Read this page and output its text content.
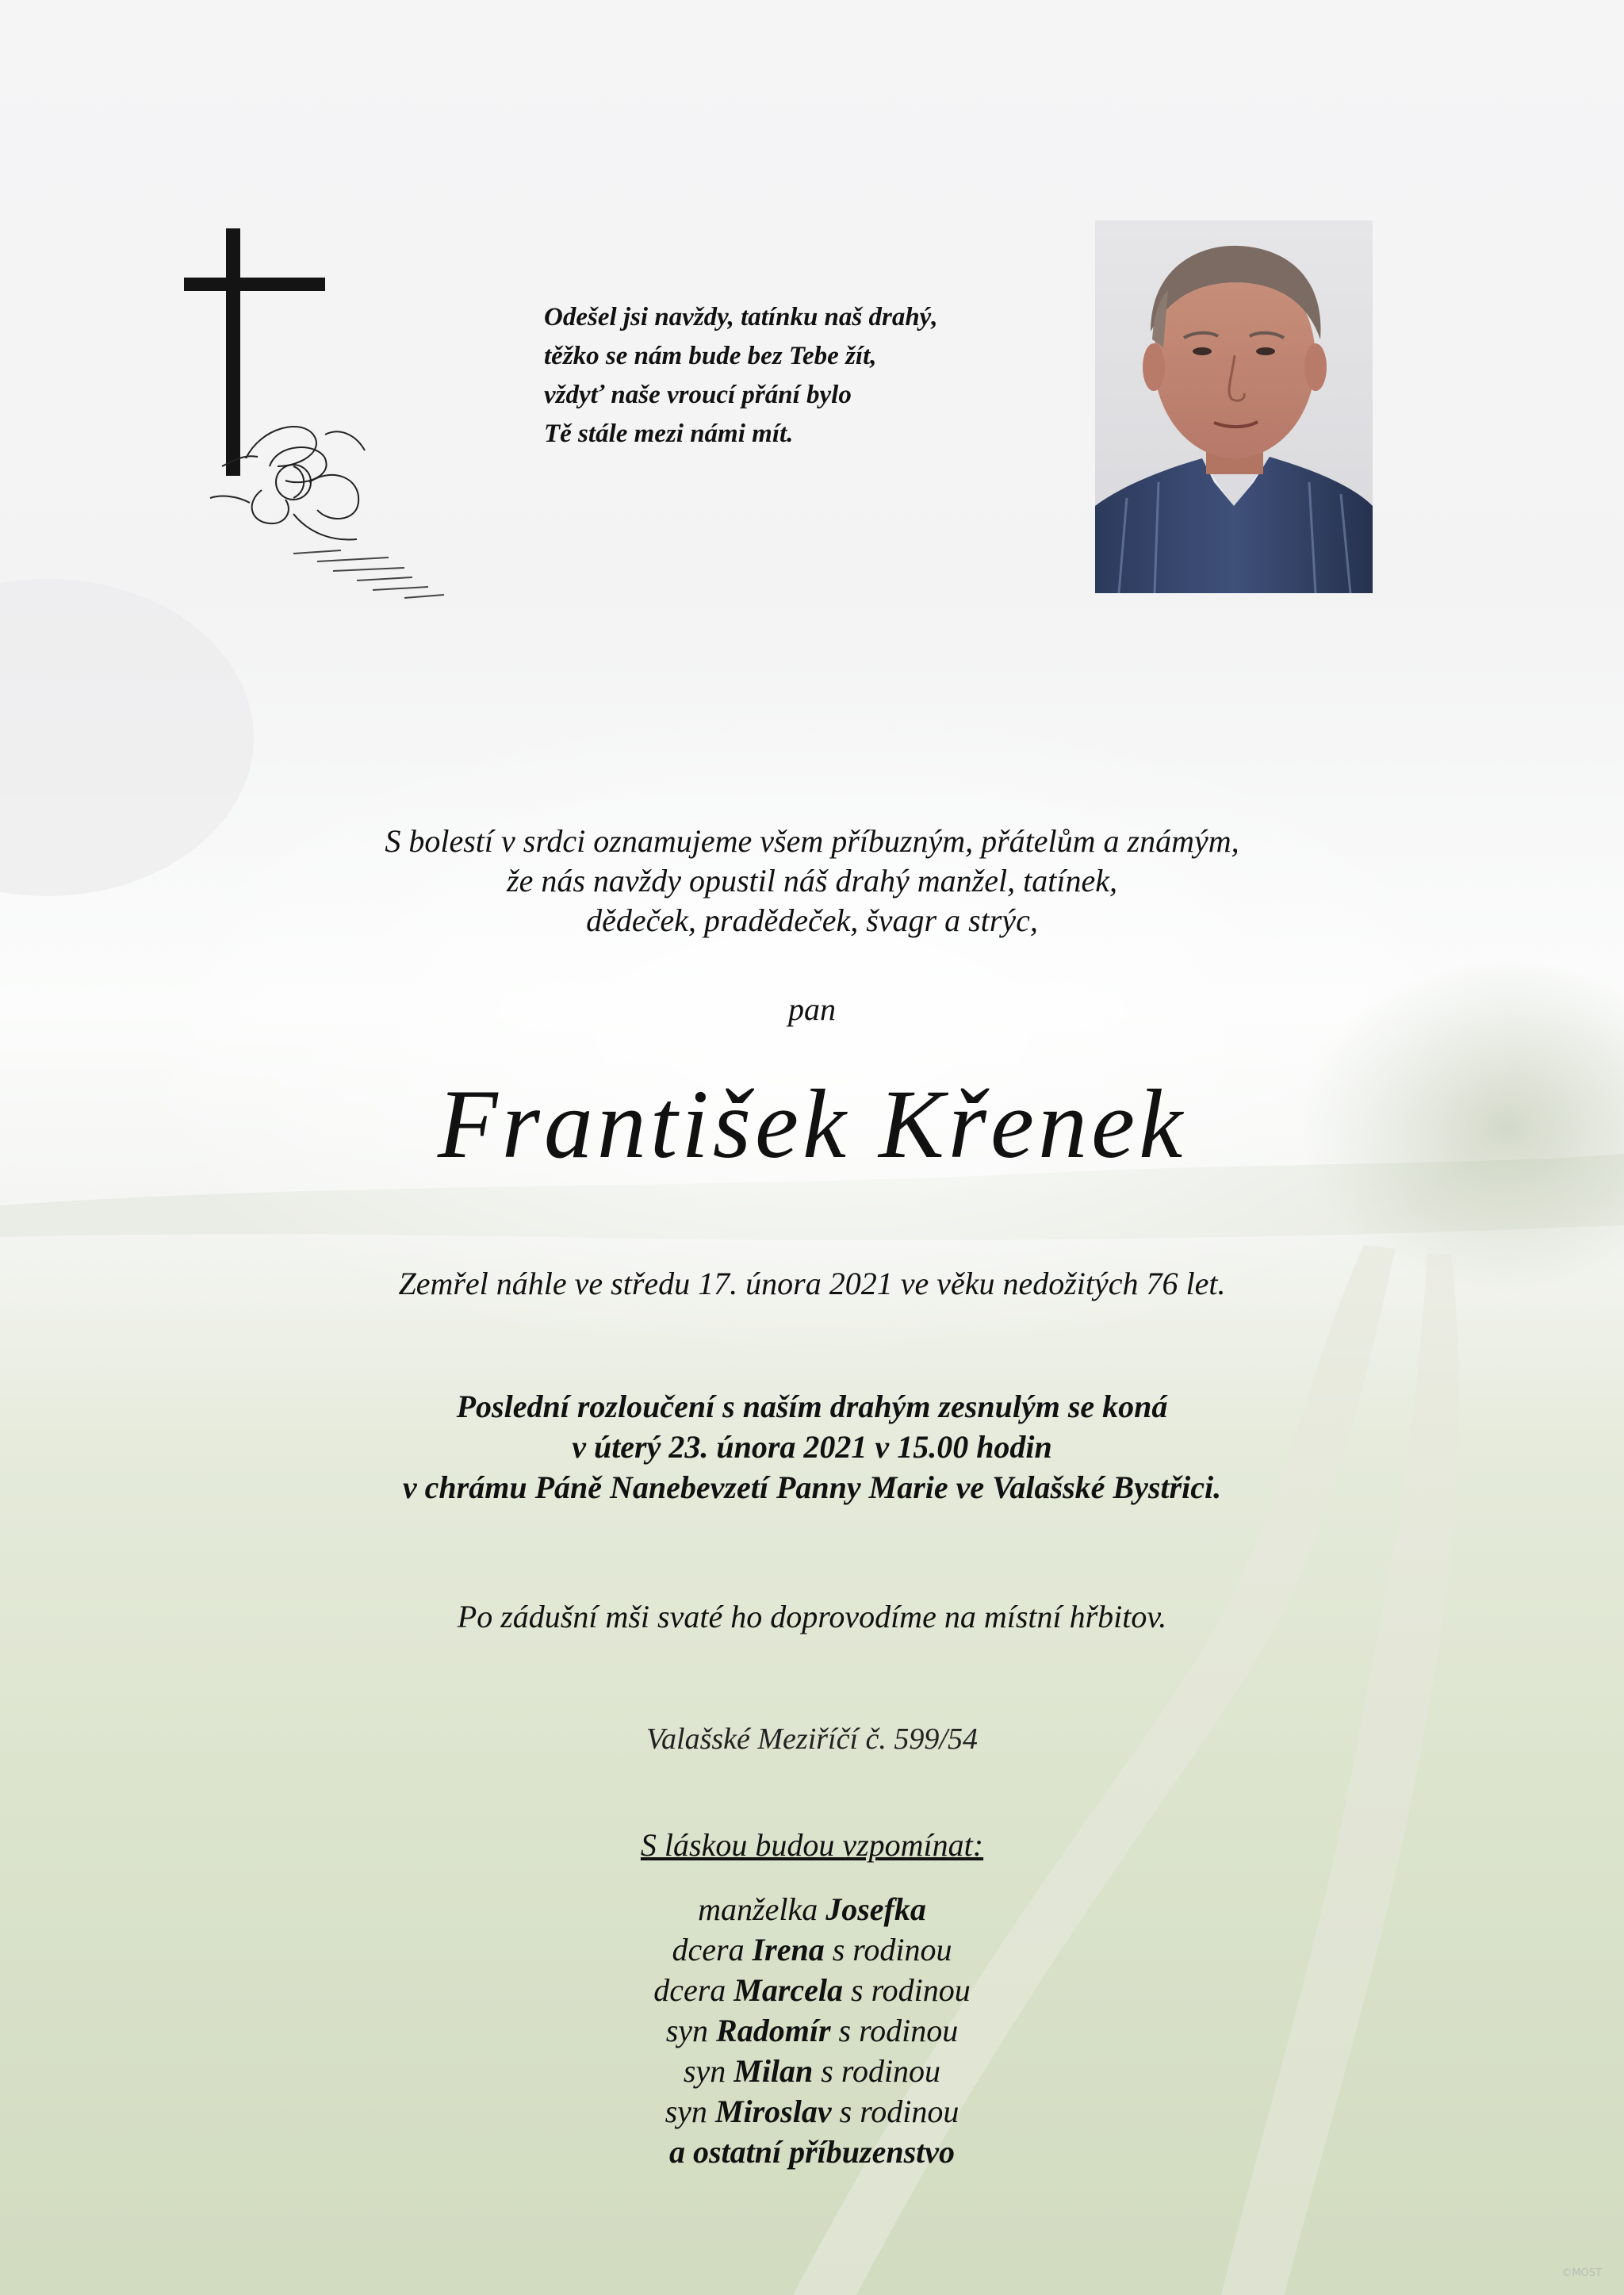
Odešel jsi navždy, tatínku naš drahý,
těžko se nám bude bez Tebe žít,
vždyť naše vroucí přání bylo
Tě stále mezi námi mít.
S bolestí v srdci oznamujeme všem příbuzným, přátelům a známým,
že nás navždy opustil náš drahý manžel, tatínek,
dědeček, pradědeček, švagr a strýc,
pan
František Křenek
Zemřel náhle ve středu 17. února 2021 ve věku nedožitých 76 let.
Poslední rozloučení s naším drahým zesnulým se koná
v úterý 23. února 2021 v 15.00 hodin
v chrámu Páně Nanebevzetí Panny Marie ve Valašské Bystřici.
Po zádušní mši svaté ho doprovodíme na místní hřbitov.
Valašské Meziříčí č. 599/54
S láskou budou vzpomínat:
manželka Josefka
dcera Irena s rodinou
dcera Marcela s rodinou
syn Radomír s rodinou
syn Milan s rodinou
syn Miroslav s rodinou
a ostatní příbuzenstvo
©MOST
